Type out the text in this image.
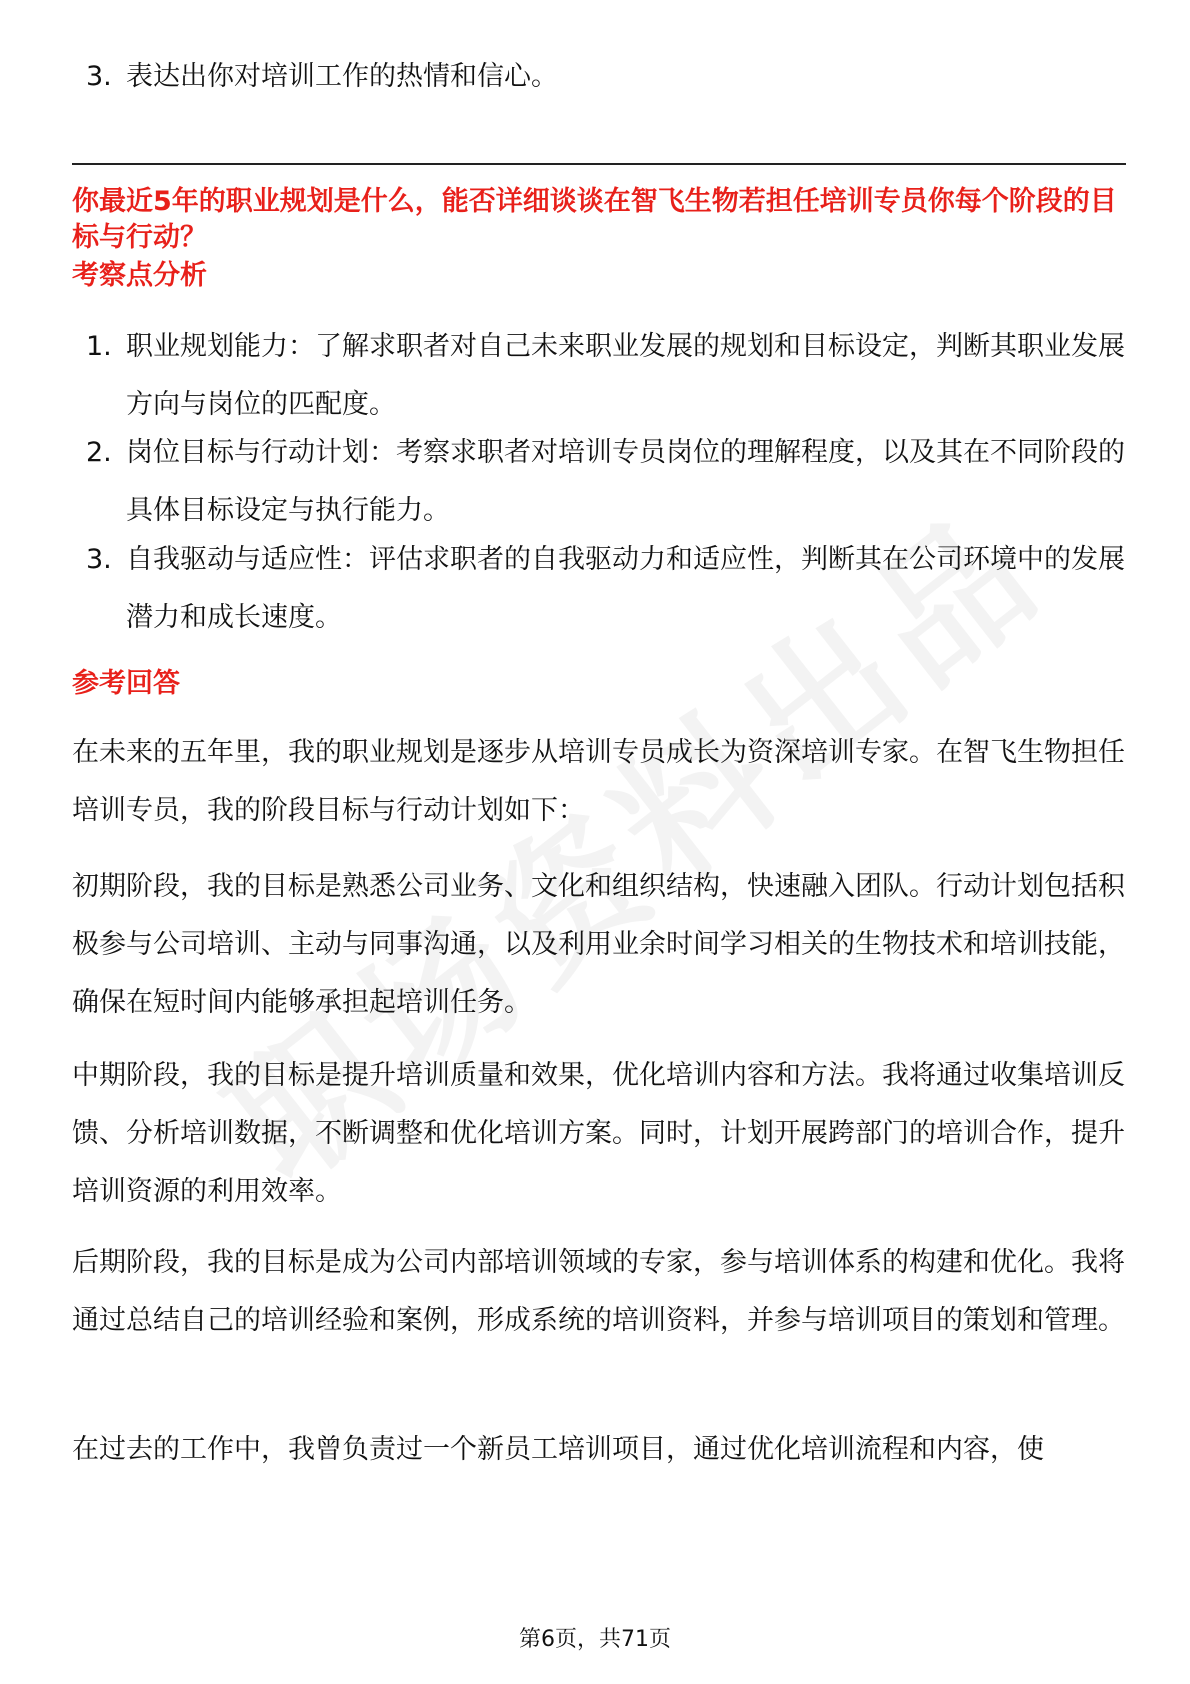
3. 表达出你对培训工作的热情和信心。
你最近5年的职业规划是什么，能否详细谈谈在智飞生物若担任培训专员你每个阶段的目标与行动？
考察点分析
1. 职业规划能力：了解求职者对自己未来职业发展的规划和目标设定，判断其职业发展方向与岗位的匹配度。
2. 岗位目标与行动计划：考察求职者对培训专员岗位的理解程度，以及其在不同阶段的具体目标设定与执行能力。
3. 自我驱动与适应性：评估求职者的自我驱动力和适应性，判断其在公司环境中的发展潜力和成长速度。
参考回答
在未来的五年里，我的职业规划是逐步从培训专员成长为资深培训专家。在智飞生物担任培训专员，我的阶段目标与行动计划如下：
初期阶段，我的目标是熟悉公司业务、文化和组织结构，快速融入团队。行动计划包括积极参与公司培训、主动与同事沟通，以及利用业余时间学习相关的生物技术和培训技能，确保在短时间内能够承担起培训任务。
中期阶段，我的目标是提升培训质量和效果，优化培训内容和方法。我将通过收集培训反馈、分析培训数据，不断调整和优化培训方案。同时，计划开展跨部门的培训合作，提升培训资源的利用效率。
后期阶段，我的目标是成为公司内部培训领域的专家，参与培训体系的构建和优化。我将通过总结自己的培训经验和案例，形成系统的培训资料，并参与培训项目的策划和管理。
在过去的工作中，我曾负责过一个新员工培训项目，通过优化培训流程和内容，使
第6页，共71页
